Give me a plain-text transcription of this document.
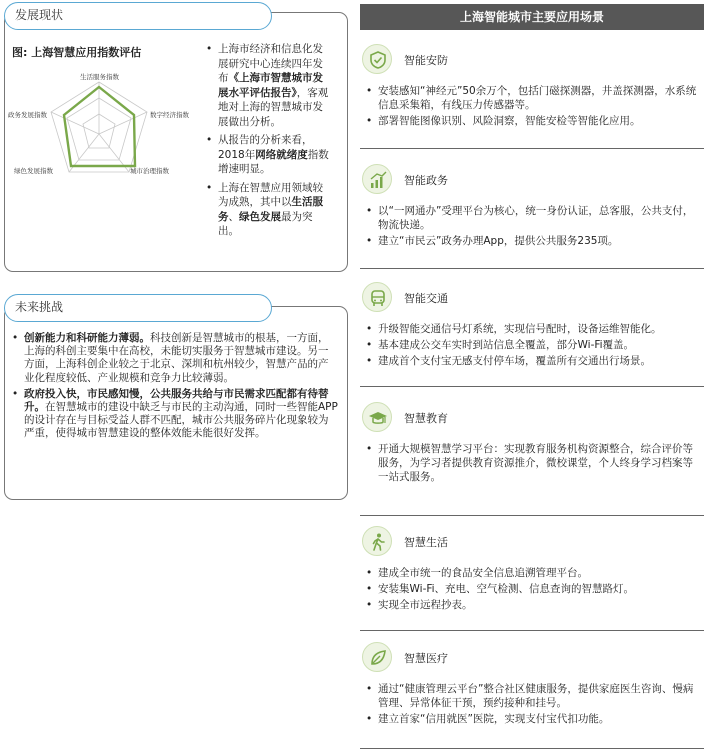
发展现状
图: 上海智慧应用指数评估
生活服务指数
数字经济指数
城市治理指数
绿色发展指数
政务发展指数
• 上海市经济和信息化发展研究中心连续四年发布《上海市智慧城市发展水平评估报告》，客观地对上海的智慧城市发展做出分析。
• 从报告的分析来看，2018年网络就绪度指数增速明显。
• 上海在智慧应用领域较为成熟，其中以生活服务、绿色发展最为突出。
未来挑战
• 创新能力和科研能力薄弱。科技创新是智慧城市的根基，一方面，上海的科创主要集中在高校，未能切实服务于智慧城市建设。另一方面，上海科创企业较之于北京、深圳和杭州较少，智慧产品的产业化程度较低、产业规模和竞争力比较薄弱。
• 政府投入快，市民感知慢，公共服务共给与市民需求匹配都有待替升。在智慧城市的建设中缺乏与市民的主动沟通，同时一些智能APP的设计存在与目标受益人群不匹配，城市公共服务碎片化现象较为严重，使得城市智慧建设的整体效能未能很好发挥。
上海智能城市主要应用场景
智能安防
• 安装感知“神经元”50余万个，包括门磁探测器，井盖探测器，水系统信息采集箱，有线压力传感器等。
• 部署智能图像识别、风险洞察，智能安检等智能化应用。
智能政务
• 以“一网通办”受理平台为核心，统一身份认证，总客服，公共支付，物流快递。
• 建立“市民云”政务办理App，提供公共服务235项。
智能交通
• 升级智能交通信号灯系统，实现信号配时，设备运维智能化。
• 基本建成公交车实时到站信息全覆盖，部分Wi-Fi覆盖。
• 建成首个支付宝无感支付停车场，覆盖所有交通出行场景。
智慧教育
• 开通大规模智慧学习平台：实现教育服务机构资源整合，综合评价等服务，为学习者提供教育资源推介，微校课堂，个人终身学习档案等一站式服务。
智慧生活
• 建成全市统一的食品安全信息追溯管理平台。
• 安装集Wi-Fi、充电、空气检测、信息查询的智慧路灯。
• 实现全市远程抄表。
智慧医疗
• 通过“健康管理云平台”整合社区健康服务，提供家庭医生咨询、慢病管理、异常体征干预，预约接种和挂号。
• 建立首家“信用就医”医院，实现支付宝代扣功能。
